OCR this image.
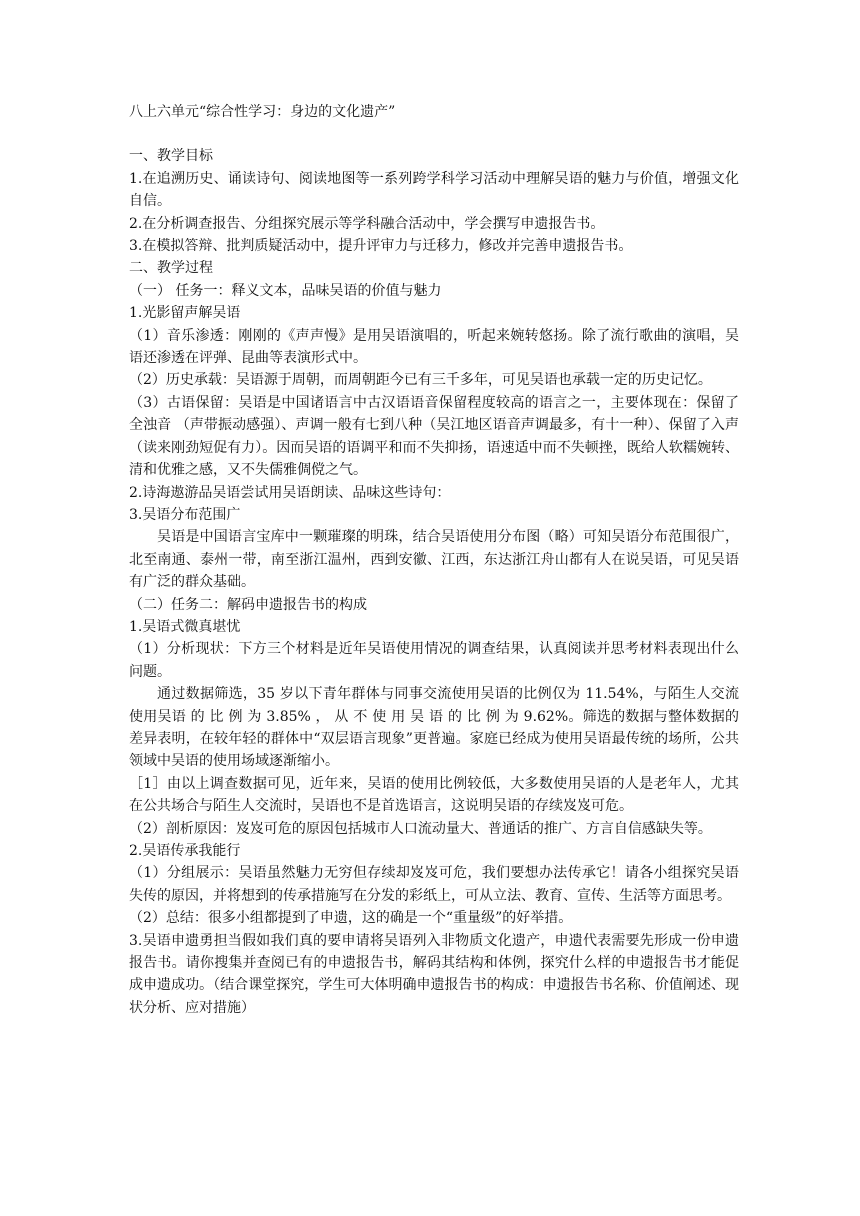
八上六单元“综合性学习：身边的文化遗产”

一、教学目标

1.在追溯历史、诵读诗句、阅读地图等一系列跨学科学习活动中理解吴语的魅力与价值，增强文化自信。

2.在分析调查报告、分组探究展示等学科融合活动中，学会撰写申遗报告书。

3.在模拟答辩、批判质疑活动中，提升评审力与迁移力，修改并完善申遗报告书。

二、教学过程

（一） 任务一：释义文本，品味吴语的价值与魅力

1.光影留声解吴语

（1）音乐渗透：刚刚的《声声慢》是用吴语演唱的，听起来婉转悠扬。除了流行歌曲的演唱，吴语还渗透在评弹、昆曲等表演形式中。

（2）历史承载：吴语源于周朝，而周朝距今已有三千多年，可见吴语也承载一定的历史记忆。

（3）古语保留：吴语是中国诸语言中古汉语语音保留程度较高的语言之一，主要体现在：保留了全浊音 （声带振动感强）、声调一般有七到八种（吴江地区语音声调最多，有十一种）、保留了入声（读来刚劲短促有力）。因而吴语的语调平和而不失抑扬，语速适中而不失顿挫，既给人软糯婉转、清和优雅之感，又不失儒雅倜傥之气。

2.诗海遨游品吴语尝试用吴语朗读、品味这些诗句：

3.吴语分布范围广

吴语是中国语言宝库中一颗璀璨的明珠，结合吴语使用分布图（略）可知吴语分布范围很广，北至南通、泰州一带，南至浙江温州，西到安徽、江西，东达浙江舟山都有人在说吴语，可见吴语有广泛的群众基础。

（二）任务二：解码申遗报告书的构成

1.吴语式微真堪忧

（1）分析现状：下方三个材料是近年吴语使用情况的调查结果，认真阅读并思考材料表现出什么问题。

通过数据筛选，35 岁以下青年群体与同事交流使用吴语的比例仅为 11.54%，与陌生人交流使用吴语 的 比 例 为 3.85% ， 从 不 使 用 吴 语 的 比 例 为 9.62%。筛选的数据与整体数据的差异表明，在较年轻的群体中“双层语言现象”更普遍。家庭已经成为使用吴语最传统的场所，公共领域中吴语的使用场域逐渐缩小。

［1］由以上调查数据可见，近年来，吴语的使用比例较低，大多数使用吴语的人是老年人，尤其在公共场合与陌生人交流时，吴语也不是首选语言，这说明吴语的存续岌岌可危。

（2）剖析原因：岌岌可危的原因包括城市人口流动量大、普通话的推广、方言自信感缺失等。

2.吴语传承我能行

（1）分组展示：吴语虽然魅力无穷但存续却岌岌可危，我们要想办法传承它！请各小组探究吴语失传的原因，并将想到的传承措施写在分发的彩纸上，可从立法、教育、宣传、生活等方面思考。

（2）总结：很多小组都提到了申遗，这的确是一个“重量级”的好举措。

3.吴语申遗勇担当假如我们真的要申请将吴语列入非物质文化遗产，申遗代表需要先形成一份申遗报告书。请你搜集并查阅已有的申遗报告书，解码其结构和体例，探究什么样的申遗报告书才能促成申遗成功。（结合课堂探究，学生可大体明确申遗报告书的构成：申遗报告书名称、价值阐述、现状分析、应对措施）
